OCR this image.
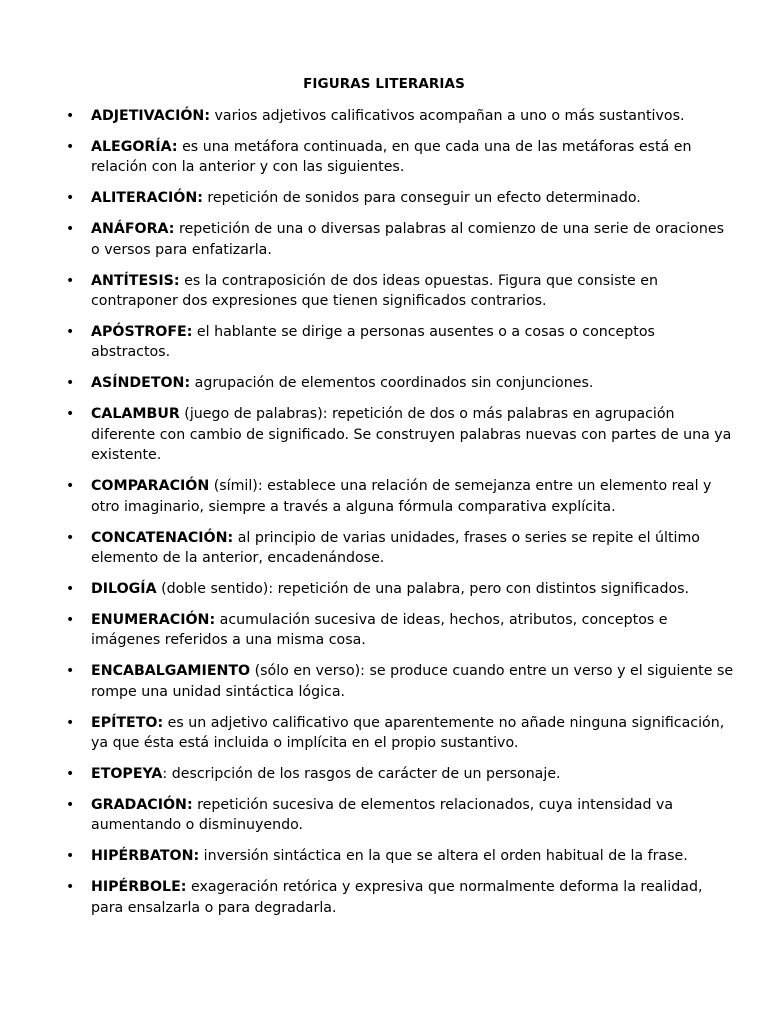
FIGURAS LITERARIAS
• ADJETIVACIÓN: varios adjetivos calificativos acompañan a uno o más sustantivos.
• ALEGORÍA: es una metáfora continuada, en que cada una de las metáforas está en relación con la anterior y con las siguientes.
• ALITERACIÓN: repetición de sonidos para conseguir un efecto determinado.
• ANÁFORA: repetición de una o diversas palabras al comienzo de una serie de oraciones o versos para enfatizarla.
• ANTÍTESIS: es la contraposición de dos ideas opuestas. Figura que consiste en contraponer dos expresiones que tienen significados contrarios.
• APÓSTROFE: el hablante se dirige a personas ausentes o a cosas o conceptos abstractos.
• ASÍNDETON: agrupación de elementos coordinados sin conjunciones.
• CALAMBUR (juego de palabras): repetición de dos o más palabras en agrupación diferente con cambio de significado. Se construyen palabras nuevas con partes de una ya existente.
• COMPARACIÓN (símil): establece una relación de semejanza entre un elemento real y otro imaginario, siempre a través a alguna fórmula comparativa explícita.
• CONCATENACIÓN: al principio de varias unidades, frases o series se repite el último elemento de la anterior, encadenándose.
• DILOGÍA (doble sentido): repetición de una palabra, pero con distintos significados.
• ENUMERACIÓN: acumulación sucesiva de ideas, hechos, atributos, conceptos e imágenes referidos a una misma cosa.
• ENCABALGAMIENTO (sólo en verso): se produce cuando entre un verso y el siguiente se rompe una unidad sintáctica lógica.
• EPÍTETO: es un adjetivo calificativo que aparentemente no añade ninguna significación, ya que ésta está incluida o implícita en el propio sustantivo.
• ETOPEYA: descripción de los rasgos de carácter de un personaje.
• GRADACIÓN: repetición sucesiva de elementos relacionados, cuya intensidad va aumentando o disminuyendo.
• HIPÉRBATON: inversión sintáctica en la que se altera el orden habitual de la frase.
• HIPÉRBOLE: exageración retórica y expresiva que normalmente deforma la realidad, para ensalzarla o para degradarla.
